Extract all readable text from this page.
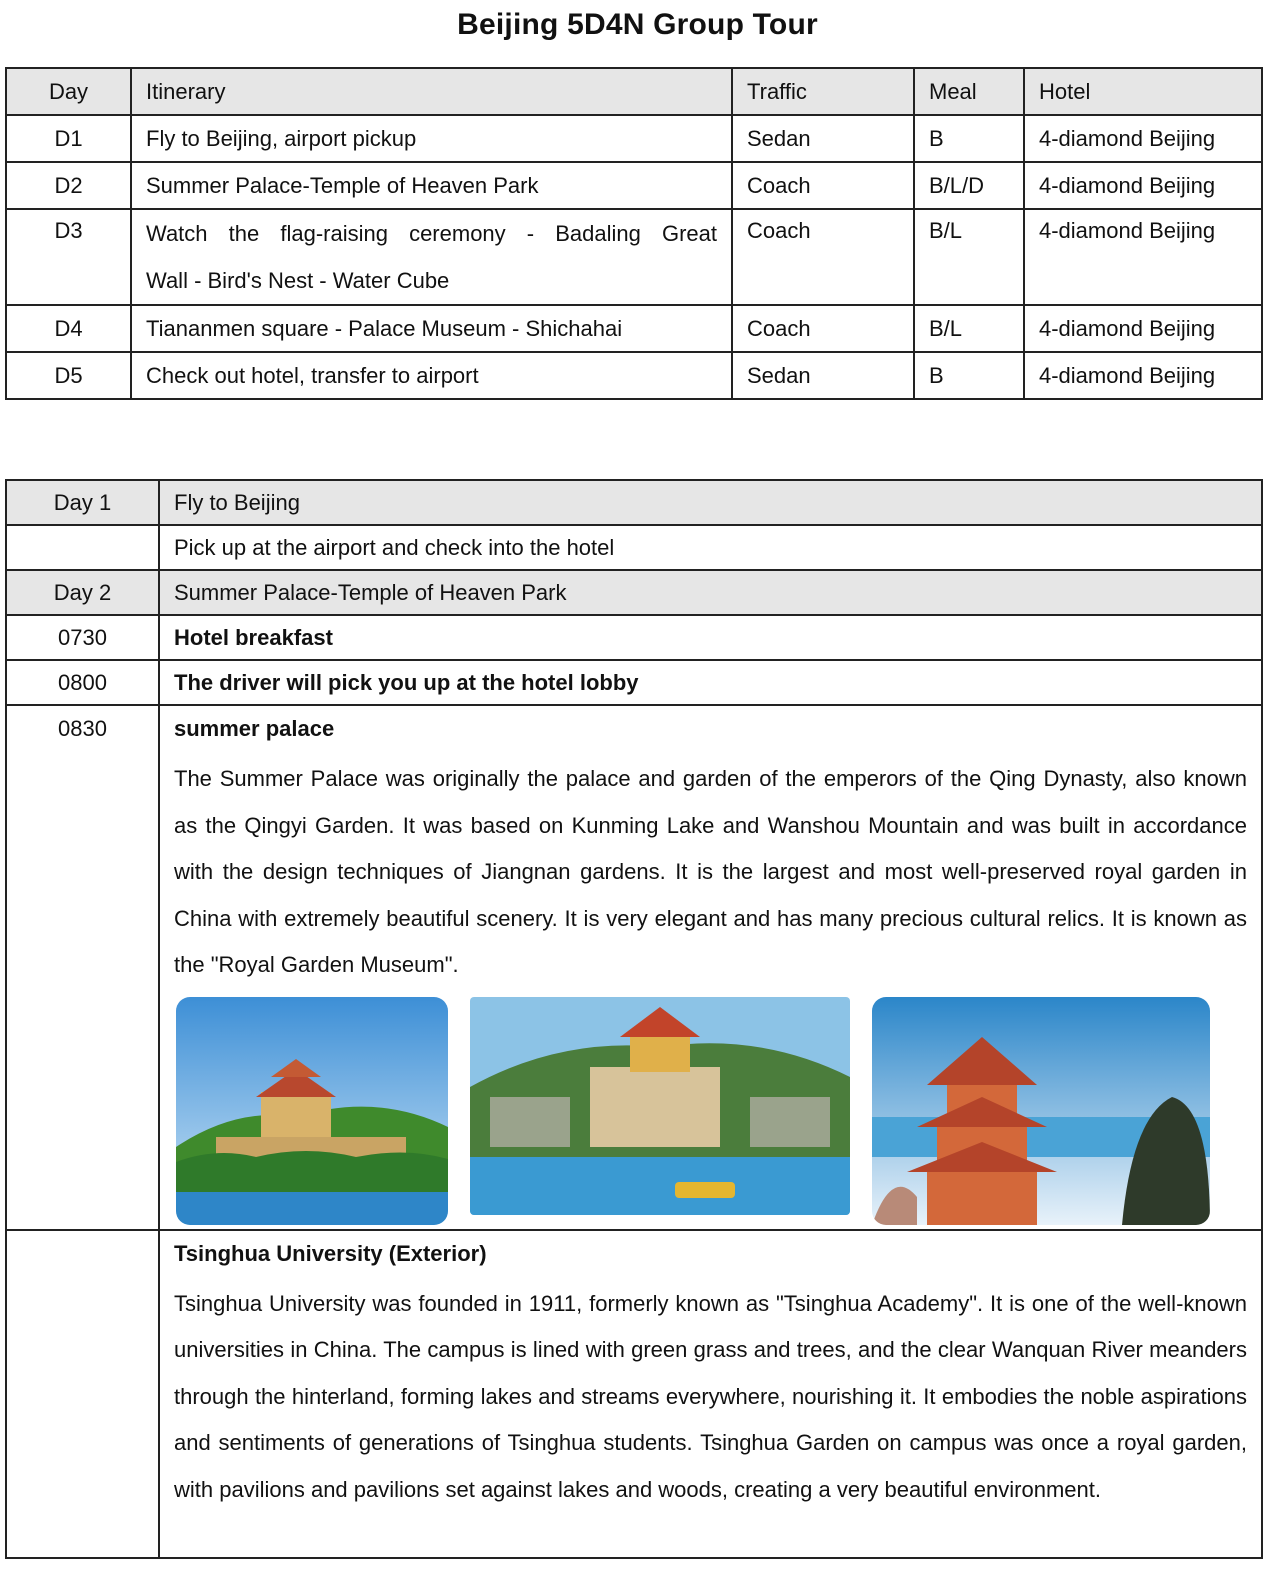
Beijing 5D4N Group Tour
Day	Itinerary	Traffic	Meal	Hotel
D1	Fly to Beijing, airport pickup	Sedan	B	4-diamond Beijing
D2	Summer Palace-Temple of Heaven Park	Coach	B/L/D	4-diamond Beijing
D3	Watch the flag-raising ceremony - Badaling Great
Wall - Bird's Nest - Water Cube	Coach	B/L	4-diamond Beijing
D4	Tiananmen square - Palace Museum - Shichahai	Coach	B/L	4-diamond Beijing
D5	Check out hotel, transfer to airport	Sedan	B	4-diamond Beijing
Day 1	Fly to Beijing
	Pick up at the airport and check into the hotel
Day 2	Summer Palace-Temple of Heaven Park
0730	Hotel breakfast
0800	The driver will pick you up at the hotel lobby
0830	summer palace
The Summer Palace was originally the palace and garden of the emperors of the Qing Dynasty, also known as the Qingyi Garden. It was based on Kunming Lake and Wanshou Mountain and was built in accordance with the design techniques of Jiangnan gardens. It is the largest and most well-preserved royal garden in China with extremely beautiful scenery. It is very elegant and has many precious cultural relics. It is known as the "Royal Garden Museum".

	Tsinghua University (Exterior)
Tsinghua University was founded in 1911, formerly known as "Tsinghua Academy". It is one of the well-known universities in China. The campus is lined with green grass and trees, and the clear Wanquan River meanders through the hinterland, forming lakes and streams everywhere, nourishing it. It embodies the noble aspirations and sentiments of generations of Tsinghua students. Tsinghua Garden on campus was once a royal garden, with pavilions and pavilions set against lakes and woods, creating a very beautiful environment.
